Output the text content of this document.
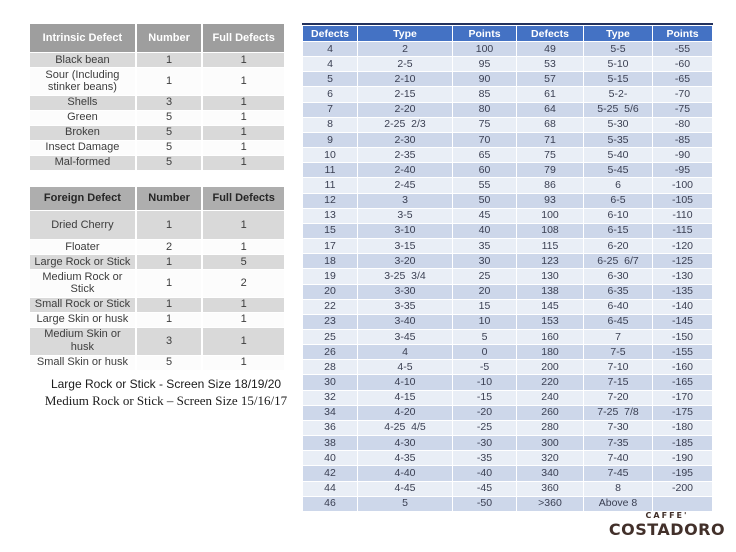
Intrinsic Defect	Number	Full Defects
Black bean	1	1
Sour (Including stinker beans)	1	1
Shells	3	1
Green	5	1
Broken	5	1
Insect Damage	5	1
Mal-formed	5	1
Foreign Defect	Number	Full Defects
Dried Cherry	1	1
Floater	2	1
Large Rock or Stick	1	5
Medium Rock or Stick	1	2
Small Rock or Stick	1	1
Large Skin or husk	1	1
Medium Skin or husk	3	1
Small Skin or husk	5	1
Large Rock or Stick - Screen Size 18/19/20
Medium Rock or Stick – Screen Size 15/16/17
Defects	Type	Points	Defects	Type	Points
4	2	100	49	5-5	-55
4	2-5	95	53	5-10	-60
5	2-10	90	57	5-15	-65
6	2-15	85	61	5-2-	-70
7	2-20	80	64	5-25  5/6	-75
8	2-25  2/3	75	68	5-30	-80
9	2-30	70	71	5-35	-85
10	2-35	65	75	5-40	-90
11	2-40	60	79	5-45	-95
11	2-45	55	86	6	-100
12	3	50	93	6-5	-105
13	3-5	45	100	6-10	-110
15	3-10	40	108	6-15	-115
17	3-15	35	115	6-20	-120
18	3-20	30	123	6-25  6/7	-125
19	3-25  3/4	25	130	6-30	-130
20	3-30	20	138	6-35	-135
22	3-35	15	145	6-40	-140
23	3-40	10	153	6-45	-145
25	3-45	5	160	7	-150
26	4	0	180	7-5	-155
28	4-5	-5	200	7-10	-160
30	4-10	-10	220	7-15	-165
32	4-15	-15	240	7-20	-170
34	4-20	-20	260	7-25  7/8	-175
36	4-25  4/5	-25	280	7-30	-180
38	4-30	-30	300	7-35	-185
40	4-35	-35	320	7-40	-190
42	4-40	-40	340	7-45	-195
44	4-45	-45	360	8	-200
46	5	-50	>360	Above 8	
CAFFE'
COSTADORO
